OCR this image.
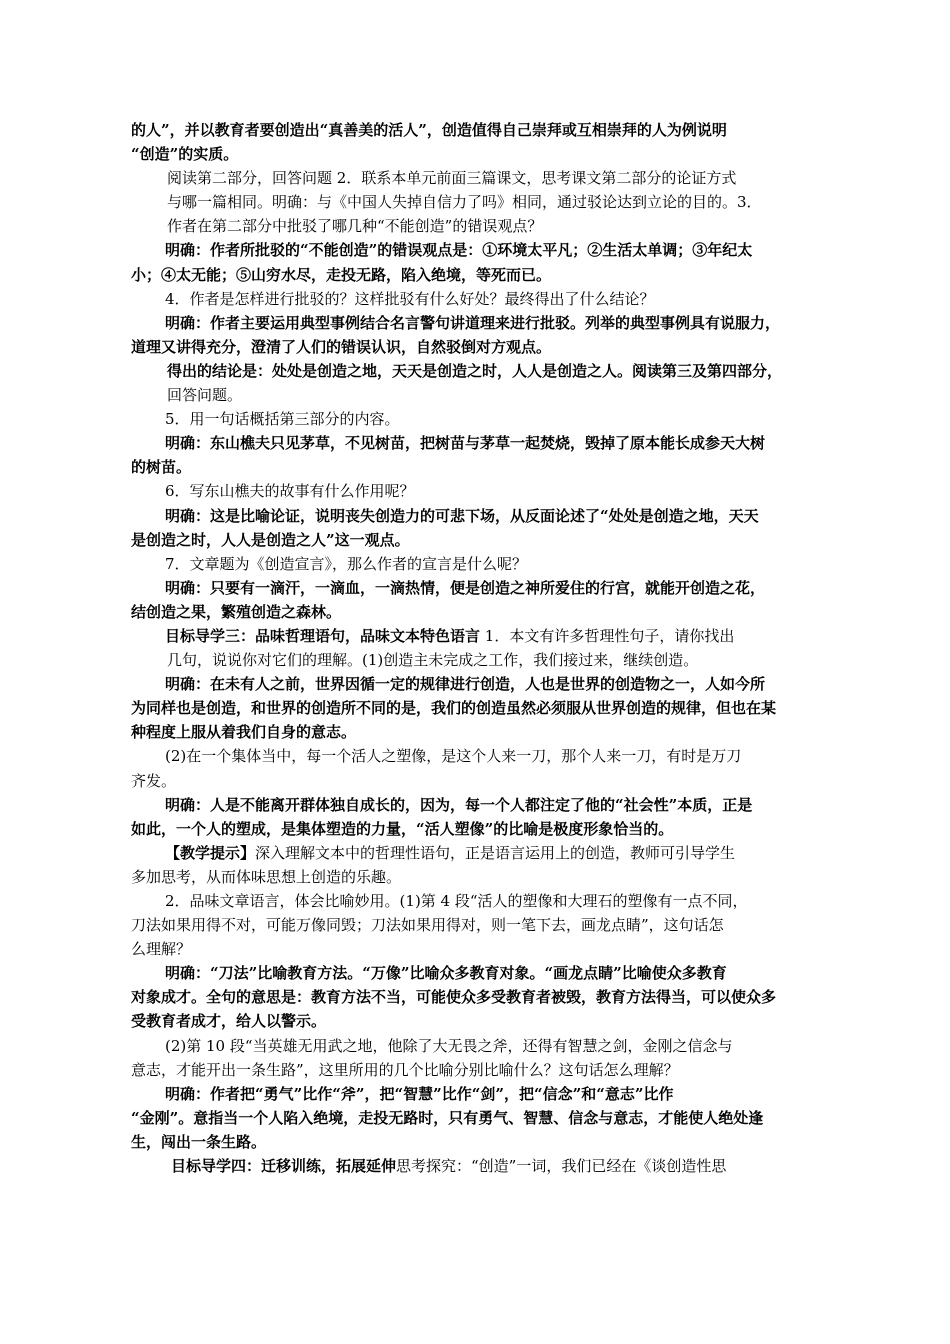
的人”，并以教育者要创造出“真善美的活人”，创造值得自己崇拜或互相崇拜的人为例说明
“创造”的实质。
阅读第二部分，回答问题 2．联系本单元前面三篇课文，思考课文第二部分的论证方式
与哪一篇相同。明确：与《中国人失掉自信力了吗》相同，通过驳论达到立论的目的。3．
作者在第二部分中批驳了哪几种“不能创造”的错误观点？
明确：作者所批驳的“不能创造”的错误观点是：①环境太平凡；②生活太单调；③年纪太
小；④太无能；⑤山穷水尽，走投无路，陷入绝境，等死而已。
4．作者是怎样进行批驳的？这样批驳有什么好处？最终得出了什么结论？
明确：作者主要运用典型事例结合名言警句讲道理来进行批驳。列举的典型事例具有说服力，
道理又讲得充分，澄清了人们的错误认识，自然驳倒对方观点。
得出的结论是：处处是创造之地，天天是创造之时，人人是创造之人。阅读第三及第四部分，
回答问题。
5．用一句话概括第三部分的内容。
明确：东山樵夫只见茅草，不见树苗，把树苗与茅草一起焚烧，毁掉了原本能长成参天大树
的树苗。
6．写东山樵夫的故事有什么作用呢？
明确：这是比喻论证，说明丧失创造力的可悲下场，从反面论述了“处处是创造之地，天天
是创造之时，人人是创造之人”这一观点。
7．文章题为《创造宣言》，那么作者的宣言是什么呢？
明确：只要有一滴汗，一滴血，一滴热情，便是创造之神所爱住的行宫，就能开创造之花，
结创造之果，繁殖创造之森林。
目标导学三：品味哲理语句，品味文本特色语言 1．本文有许多哲理性句子，请你找出
几句，说说你对它们的理解。(1)创造主未完成之工作，我们接过来，继续创造。
明确：在未有人之前，世界因循一定的规律进行创造，人也是世界的创造物之一，人如今所
为同样也是创造，和世界的创造所不同的是，我们的创造虽然必须服从世界创造的规律，但也在某
种程度上服从着我们自身的意志。
(2)在一个集体当中，每一个活人之塑像，是这个人来一刀，那个人来一刀，有时是万刀
齐发。
明确：人是不能离开群体独自成长的，因为，每一个人都注定了他的“社会性”本质，正是
如此，一个人的塑成，是集体塑造的力量，“活人塑像”的比喻是极度形象恰当的。
【教学提示】深入理解文本中的哲理性语句，正是语言运用上的创造，教师可引导学生
多加思考，从而体味思想上创造的乐趣。
2．品味文章语言，体会比喻妙用。(1)第 4 段“活人的塑像和大理石的塑像有一点不同，
刀法如果用得不对，可能万像同毁；刀法如果用得对，则一笔下去，画龙点睛”，这句话怎
么理解？
明确：“刀法”比喻教育方法。“万像”比喻众多教育对象。“画龙点睛”比喻使众多教育
对象成才。全句的意思是：教育方法不当，可能使众多受教育者被毁，教育方法得当，可以使众多
受教育者成才，给人以警示。
(2)第 10 段“当英雄无用武之地，他除了大无畏之斧，还得有智慧之剑，金刚之信念与
意志，才能开出一条生路”，这里所用的几个比喻分别比喻什么？这句话怎么理解？
明确：作者把“勇气”比作“斧”，把“智慧”比作“剑”，把“信念”和“意志”比作
“金刚”。意指当一个人陷入绝境，走投无路时，只有勇气、智慧、信念与意志，才能使人绝处逢
生，闯出一条生路。
目标导学四：迁移训练，拓展延伸思考探究：“创造”一词，我们已经在《谈创造性思
